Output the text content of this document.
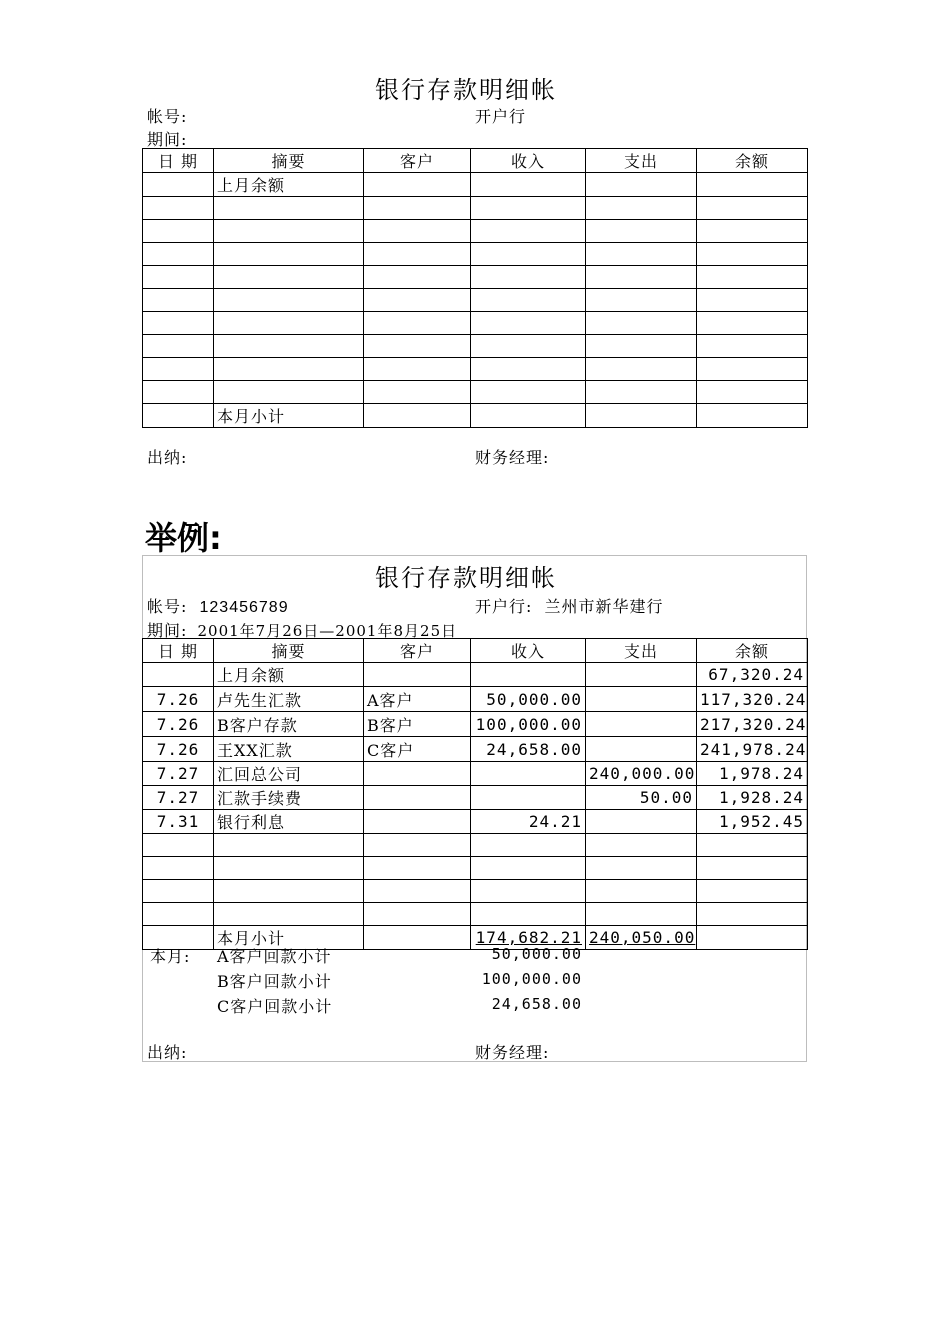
银行存款明细帐
帐号:	开户行
期间:
日 期	摘要	客户	收入	支出	余额
	上月余额				

	本月小计				
出纳:	财务经理:
举例:
银行存款明细帐
帐号: 123456789	开户行: 兰州市新华建行
期间: 2001年7月26日—2001年8月25日
日 期	摘要	客户	收入	支出	余额
	上月余额				67,320.24
7.26	卢先生汇款	A客户	50,000.00		117,320.24
7.26	B客户存款	B客户	100,000.00		217,320.24
7.26	王XX汇款	C客户	24,658.00		241,978.24
7.27	汇回总公司			240,000.00	1,978.24
7.27	汇款手续费			50.00	1,928.24
7.31	银行利息		24.21		1,952.45

	本月小计		174,682.21	240,050.00	
本月: A客户回款小计	50,000.00
B客户回款小计	100,000.00
C客户回款小计	24,658.00
出纳:	财务经理:
